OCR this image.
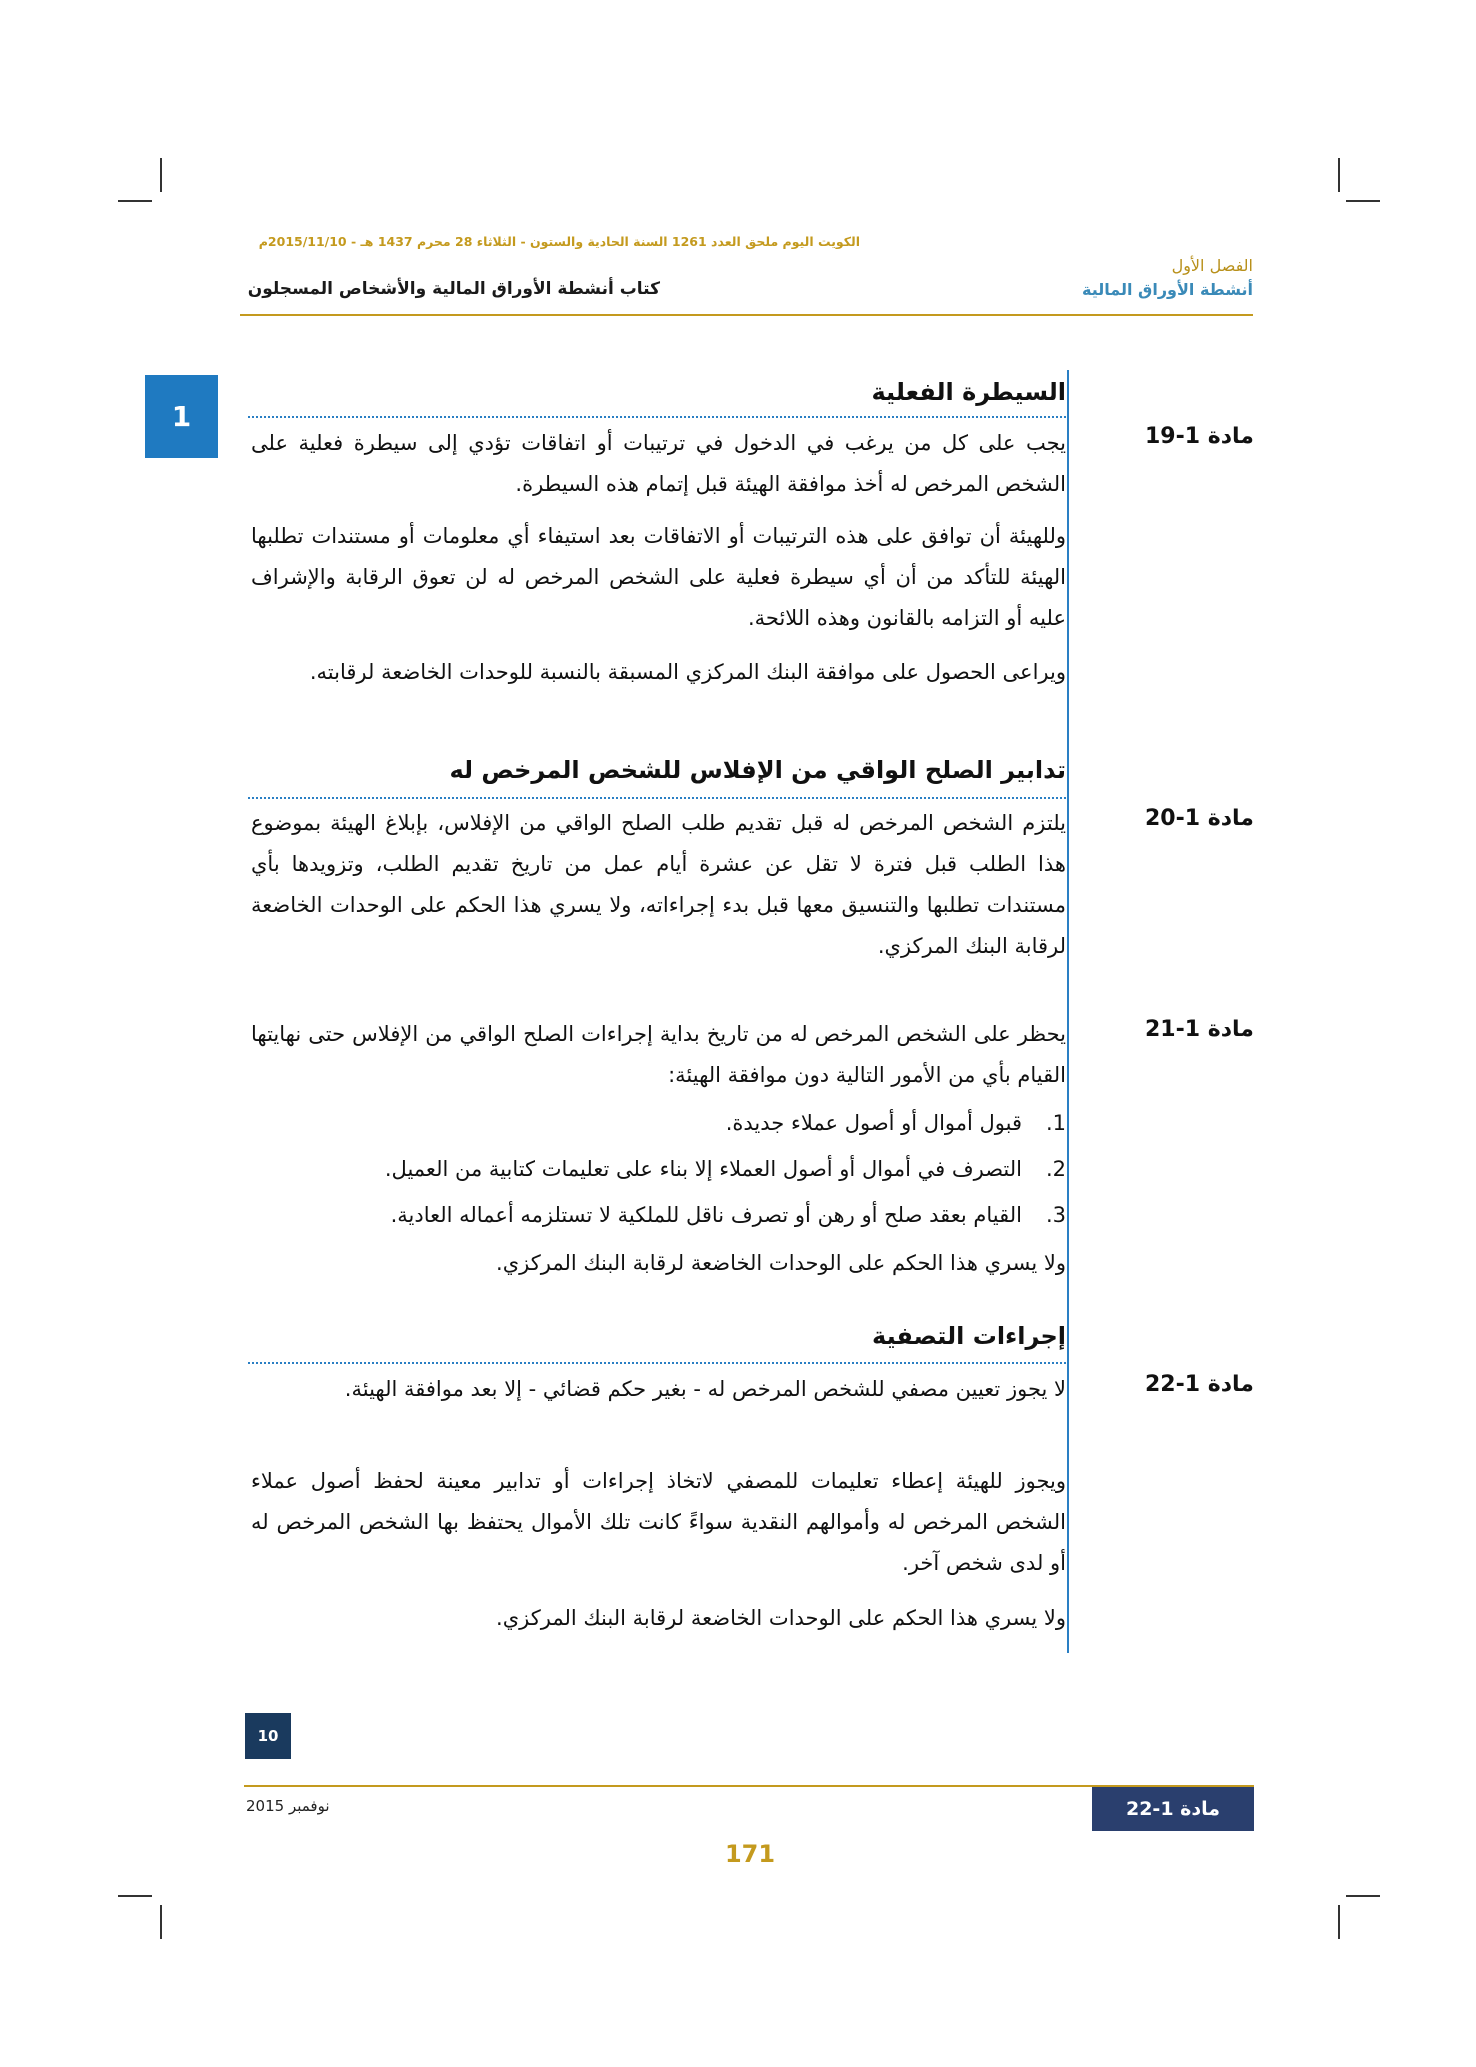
الكويت اليوم ملحق العدد 1261 السنة الحادية والستون - الثلاثاء 28 محرم 1437 هـ - 2015/11/10م
الفصل الأول
أنشطة الأوراق المالية
كتاب أنشطة الأوراق المالية والأشخاص المسجلون
1
السيطرة الفعلية
مادة 1-19
يجب على كل من يرغب في الدخول في ترتيبات أو اتفاقات تؤدي إلى سيطرة فعلية على الشخص المرخص له أخذ موافقة الهيئة قبل إتمام هذه السيطرة.
وللهيئة أن توافق على هذه الترتيبات أو الاتفاقات بعد استيفاء أي معلومات أو مستندات تطلبها الهيئة للتأكد من أن أي سيطرة فعلية على الشخص المرخص له لن تعوق الرقابة والإشراف عليه أو التزامه بالقانون وهذه اللائحة.
ويراعى الحصول على موافقة البنك المركزي المسبقة بالنسبة للوحدات الخاضعة لرقابته.
تدابير الصلح الواقي من الإفلاس للشخص المرخص له
مادة 1-20
يلتزم الشخص المرخص له قبل تقديم طلب الصلح الواقي من الإفلاس، بإبلاغ الهيئة بموضوع هذا الطلب قبل فترة لا تقل عن عشرة أيام عمل من تاريخ تقديم الطلب، وتزويدها بأي مستندات تطلبها والتنسيق معها قبل بدء إجراءاته، ولا يسري هذا الحكم على الوحدات الخاضعة لرقابة البنك المركزي.
مادة 1-21
يحظر على الشخص المرخص له من تاريخ بداية إجراءات الصلح الواقي من الإفلاس حتى نهايتها القيام بأي من الأمور التالية دون موافقة الهيئة:
1.قبول أموال أو أصول عملاء جديدة.
2.التصرف في أموال أو أصول العملاء إلا بناء على تعليمات كتابية من العميل.
3.القيام بعقد صلح أو رهن أو تصرف ناقل للملكية لا تستلزمه أعماله العادية.
ولا يسري هذا الحكم على الوحدات الخاضعة لرقابة البنك المركزي.
إجراءات التصفية
مادة 1-22
لا يجوز تعيين مصفي للشخص المرخص له - بغير حكم قضائي - إلا بعد موافقة الهيئة.
ويجوز للهيئة إعطاء تعليمات للمصفي لاتخاذ إجراءات أو تدابير معينة لحفظ أصول عملاء الشخص المرخص له وأموالهم النقدية سواءً كانت تلك الأموال يحتفظ بها الشخص المرخص له أو لدى شخص آخر.
ولا يسري هذا الحكم على الوحدات الخاضعة لرقابة البنك المركزي.
10
نوفمبر 2015	مادة 1-22
171
